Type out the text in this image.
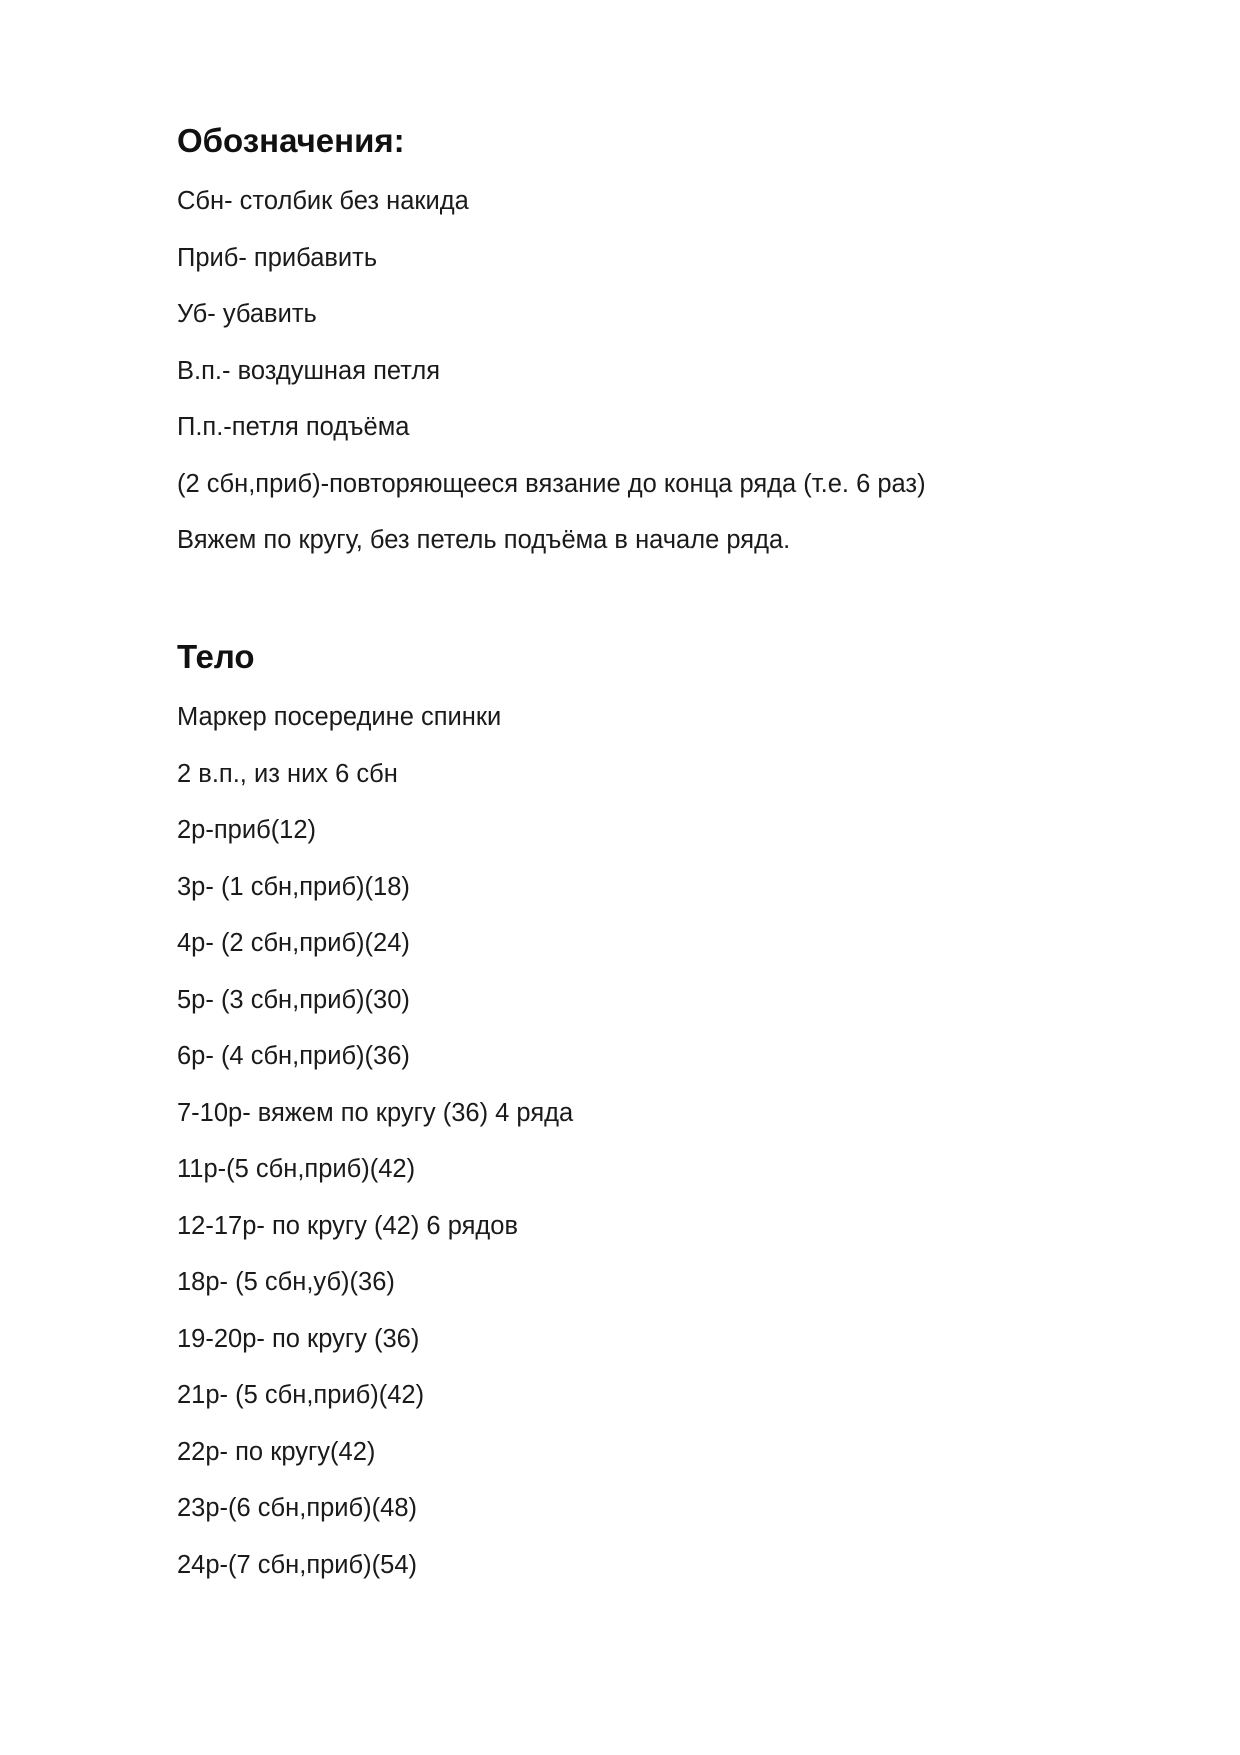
Обозначения:
Сбн- столбик без накида
Приб- прибавить
Уб- убавить
В.п.- воздушная петля
П.п.-петля подъёма
(2 сбн,приб)-повторяющееся вязание до конца ряда (т.е. 6 раз)
Вяжем по кругу, без петель подъёма в начале ряда.
Тело
Маркер посередине спинки
2 в.п., из них 6 сбн
2р-приб(12)
3р- (1 сбн,приб)(18)
4р- (2 сбн,приб)(24)
5р- (3 сбн,приб)(30)
6р- (4 сбн,приб)(36)
7-10р- вяжем по кругу (36) 4 ряда
11р-(5 сбн,приб)(42)
12-17р- по кругу (42) 6 рядов
18р- (5 сбн,уб)(36)
19-20р- по кругу (36)
21р- (5 сбн,приб)(42)
22р- по кругу(42)
23р-(6 сбн,приб)(48)
24р-(7 сбн,приб)(54)
